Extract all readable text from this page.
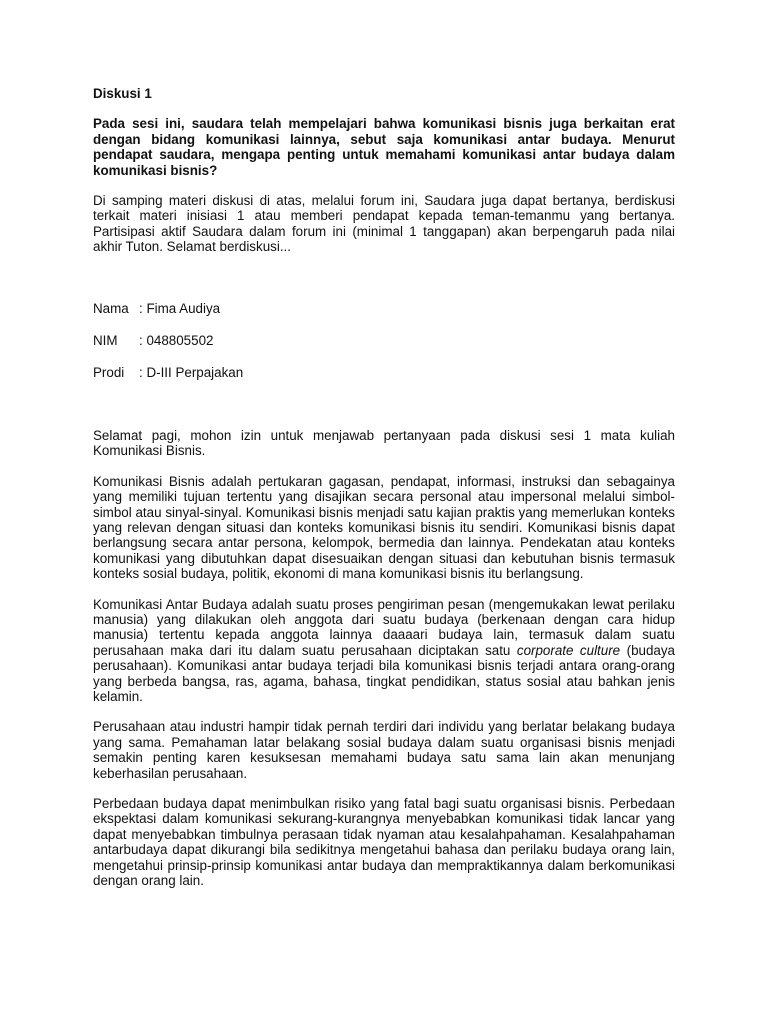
Diskusi 1
Pada sesi ini, saudara telah mempelajari bahwa komunikasi bisnis juga berkaitan erat dengan bidang komunikasi lainnya, sebut saja komunikasi antar budaya. Menurut pendapat saudara, mengapa penting untuk memahami komunikasi antar budaya dalam komunikasi bisnis?

Di samping materi diskusi di atas, melalui forum ini, Saudara juga dapat bertanya, berdiskusi terkait materi inisiasi 1 atau memberi pendapat kepada teman-temanmu yang bertanya. Partisipasi aktif Saudara dalam forum ini (minimal 1 tanggapan) akan berpengaruh pada nilai akhir Tuton. Selamat berdiskusi...

Nama : Fima Audiya
NIM	: 048805502
Prodi	: D-III Perpajakan

Selamat pagi, mohon izin untuk menjawab pertanyaan pada diskusi sesi 1 mata kuliah Komunikasi Bisnis.

Komunikasi Bisnis adalah pertukaran gagasan, pendapat, informasi, instruksi dan sebagainya yang memiliki tujuan tertentu yang disajikan secara personal atau impersonal melalui simbol-simbol atau sinyal-sinyal. Komunikasi bisnis menjadi satu kajian praktis yang memerlukan konteks yang relevan dengan situasi dan konteks komunikasi bisnis itu sendiri. Komunikasi bisnis dapat berlangsung secara antar persona, kelompok, bermedia dan lainnya. Pendekatan atau konteks komunikasi yang dibutuhkan dapat disesuaikan dengan situasi dan kebutuhan bisnis termasuk konteks sosial budaya, politik, ekonomi di mana komunikasi bisnis itu berlangsung.

Komunikasi Antar Budaya adalah suatu proses pengiriman pesan (mengemukakan lewat perilaku manusia) yang dilakukan oleh anggota dari suatu budaya (berkenaan dengan cara hidup manusia) tertentu kepada anggota lainnya daaaari budaya lain, termasuk dalam suatu perusahaan maka dari itu dalam suatu perusahaan diciptakan satu corporate culture (budaya perusahaan). Komunikasi antar budaya terjadi bila komunikasi bisnis terjadi antara orang-orang yang berbeda bangsa, ras, agama, bahasa, tingkat pendidikan, status sosial atau bahkan jenis kelamin.

Perusahaan atau industri hampir tidak pernah terdiri dari individu yang berlatar belakang budaya yang sama. Pemahaman latar belakang sosial budaya dalam suatu organisasi bisnis menjadi semakin penting karen kesuksesan memahami budaya satu sama lain akan menunjang keberhasilan perusahaan.

Perbedaan budaya dapat menimbulkan risiko yang fatal bagi suatu organisasi bisnis. Perbedaan ekspektasi dalam komunikasi sekurang-kurangnya menyebabkan komunikasi tidak lancar yang dapat menyebabkan timbulnya perasaan tidak nyaman atau kesalahpahaman. Kesalahpahaman antarbudaya dapat dikurangi bila sedikitnya mengetahui bahasa dan perilaku budaya orang lain, mengetahui prinsip-prinsip komunikasi antar budaya dan mempraktikannya dalam berkomunikasi dengan orang lain.
